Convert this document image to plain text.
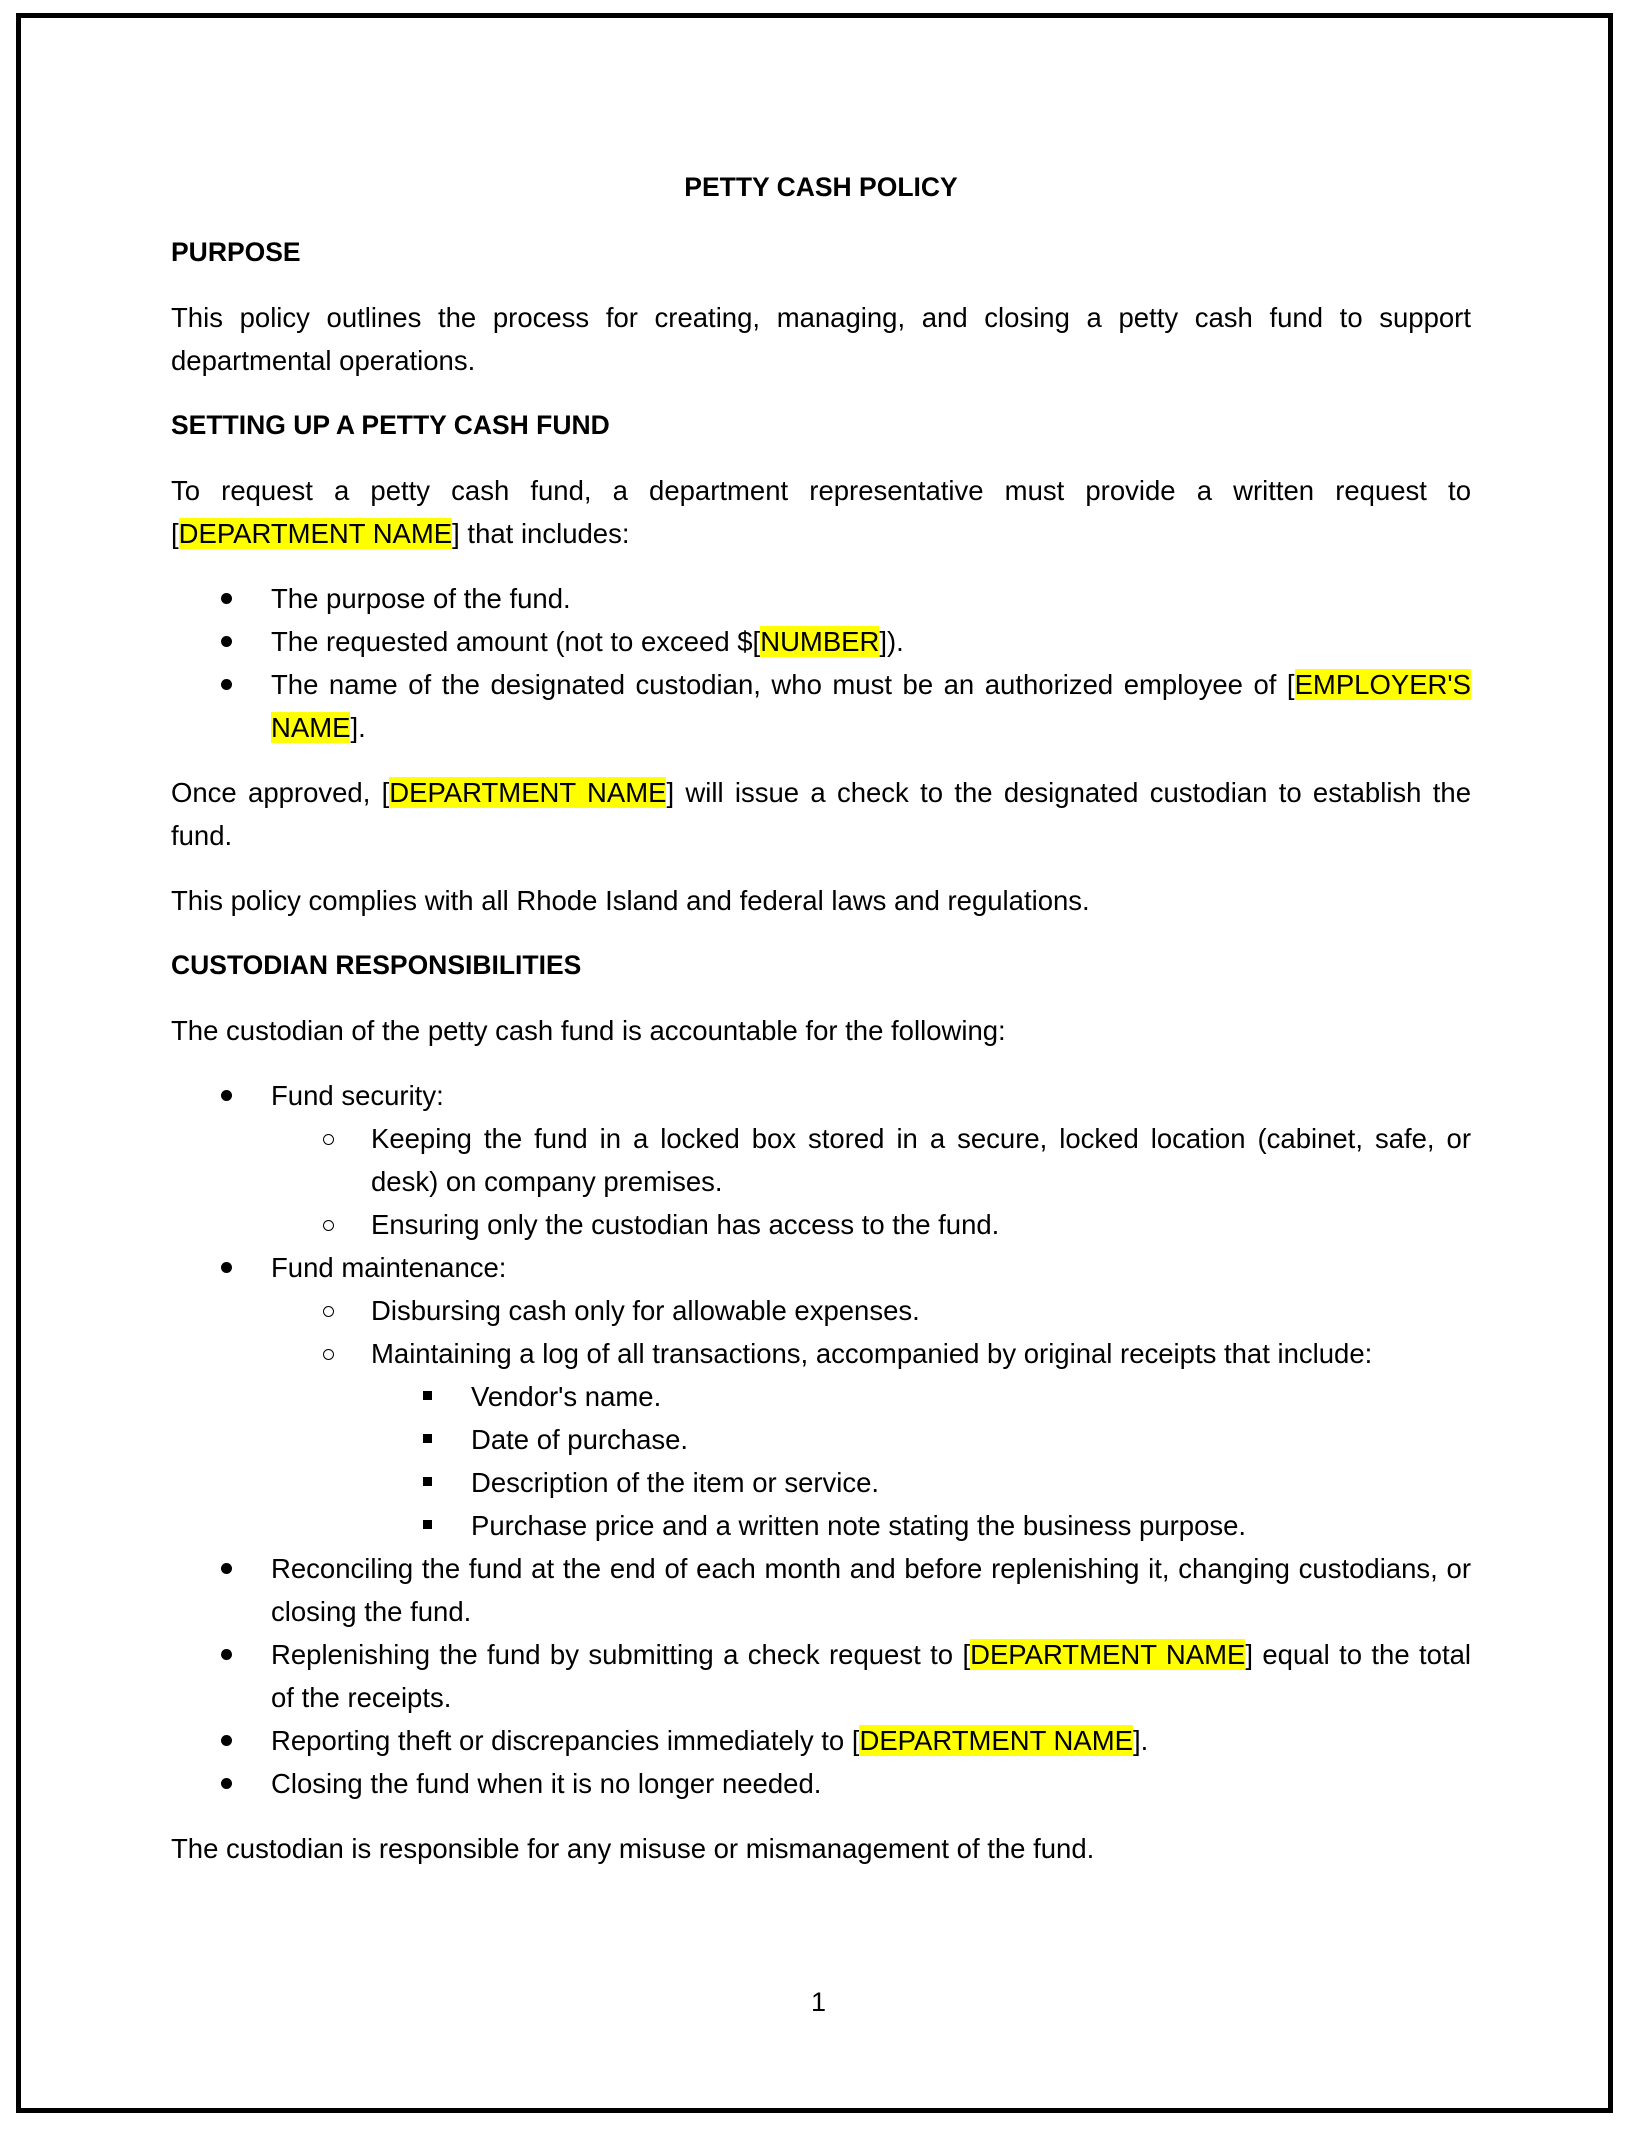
PETTY CASH POLICY
PURPOSE
This policy outlines the process for creating, managing, and closing a petty cash fund to support departmental operations.
SETTING UP A PETTY CASH FUND
To request a petty cash fund, a department representative must provide a written request to [DEPARTMENT NAME] that includes:
The purpose of the fund.
The requested amount (not to exceed $[NUMBER]).
The name of the designated custodian, who must be an authorized employee of [EMPLOYER'S NAME].
Once approved, [DEPARTMENT NAME] will issue a check to the designated custodian to establish the fund.
This policy complies with all Rhode Island and federal laws and regulations.
CUSTODIAN RESPONSIBILITIES
The custodian of the petty cash fund is accountable for the following:
Fund security:
Keeping the fund in a locked box stored in a secure, locked location (cabinet, safe, or desk) on company premises.
Ensuring only the custodian has access to the fund.
Fund maintenance:
Disbursing cash only for allowable expenses.
Maintaining a log of all transactions, accompanied by original receipts that include:
Vendor's name.
Date of purchase.
Description of the item or service.
Purchase price and a written note stating the business purpose.
Reconciling the fund at the end of each month and before replenishing it, changing custodians, or closing the fund.
Replenishing the fund by submitting a check request to [DEPARTMENT NAME] equal to the total of the receipts.
Reporting theft or discrepancies immediately to [DEPARTMENT NAME].
Closing the fund when it is no longer needed.
The custodian is responsible for any misuse or mismanagement of the fund.
1
